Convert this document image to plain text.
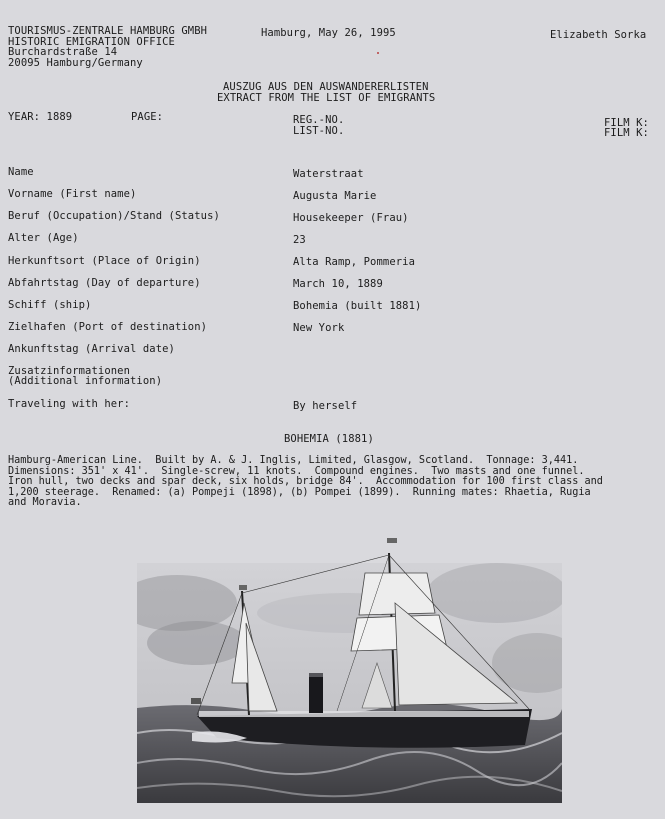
TOURISMUS-ZENTRALE HAMBURG GMBH
HISTORIC EMIGRATION OFFICE
Burchardstraße 14
20095 Hamburg/Germany
Hamburg, May 26, 1995	Elizabeth Sorka
AUSZUG AUS DEN AUSWANDERERLISTEN
EXTRACT FROM THE LIST OF EMIGRANTS
YEAR: 1889	PAGE:	REG.-NO.
LIST-NO.
FILM K:
FILM K:
Name	Waterstraat
Vorname (First name)	Augusta Marie
Beruf (Occupation)/Stand (Status)	Housekeeper (Frau)
Alter (Age)	23
Herkunftsort (Place of Origin)	Alta Ramp, Pommeria
Abfahrtstag (Day of departure)	March 10, 1889
Schiff (ship)	Bohemia (built 1881)
Zielhafen (Port of destination)	New York
Ankunftstag (Arrival date)
Zusatzinformationen
(Additional information)
Traveling with her:	By herself
BOHEMIA (1881)
Hamburg-American Line.  Built by A. & J. Inglis, Limited, Glasgow, Scotland.  Tonnage: 3,441.
Dimensions: 351' x 41'.  Single-screw, 11 knots.  Compound engines.  Two masts and one funnel.
Iron hull, two decks and spar deck, six holds, bridge 84'.  Accommodation for 100 first class and
1,200 steerage.  Renamed: (a) Pompeji (1898), (b) Pompei (1899).  Running mates: Rhaetia, Rugia
and Moravia.
